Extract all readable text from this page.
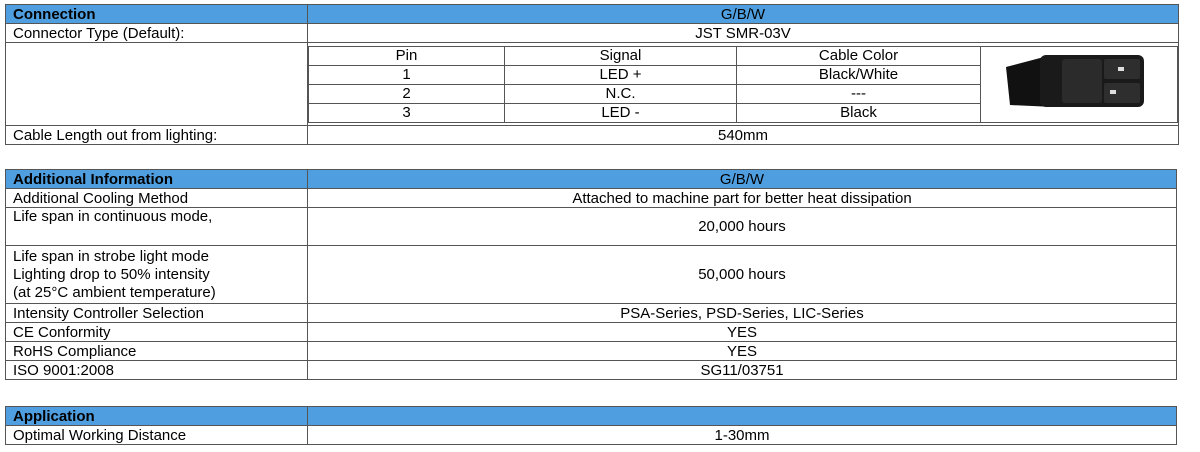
Connection	G/B/W
Connector Type (Default):	JST SMR-03V

Pin	Signal	Cable Color	
1	LED +	Black/White
2	N.C.	---
3	LED -	Black

Cable Length out from lighting:	540mm
Additional Information	G/B/W
Additional Cooling Method	Attached to machine part for better heat dissipation
Life span in continuous mode,	20,000 hours

Life span in strobe light mode
Lighting drop to 50% intensity
(at 25°C ambient temperature)	50,000 hours
Intensity Controller Selection	PSA-Series, PSD-Series, LIC-Series
CE Conformity	YES
RoHS Compliance	YES
ISO 9001:2008	SG11/03751
Application	
Optimal Working Distance	1-30mm
